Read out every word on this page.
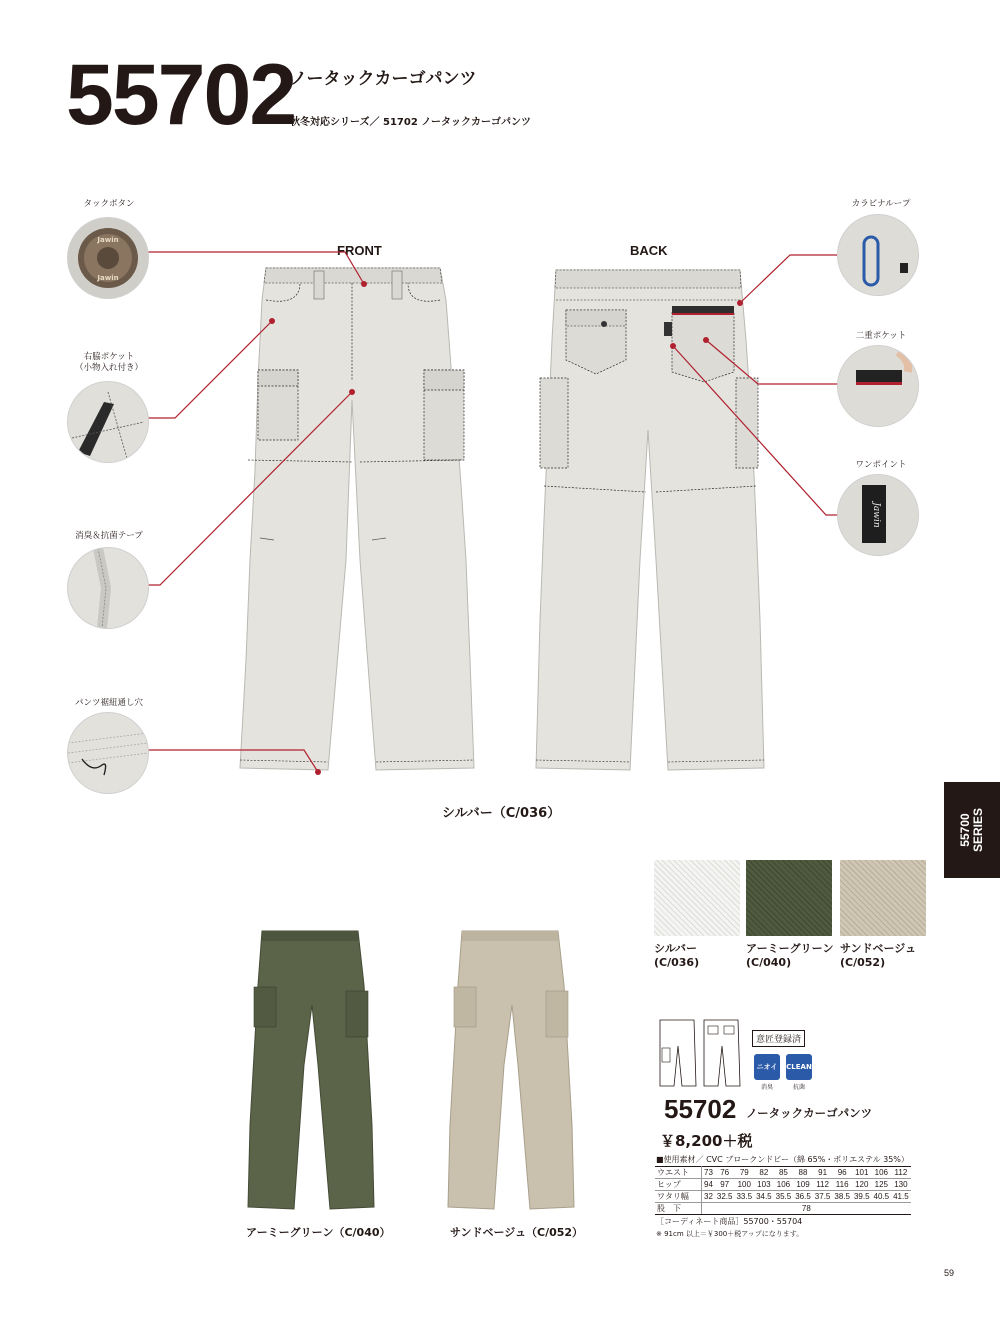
55702
ノータックカーゴパンツ
秋冬対応シリーズ／ 51702 ノータックカーゴパンツ
FRONT	BACK
タックボタン
Jawin
Jawin
右脇ポケット
（小物入れ付き）
消臭＆抗菌テープ
パンツ裾紐通し穴
カラビナループ
二重ポケット
ワンポイント
Jawin
シルバー（C/036）	55700
SERIES
シルバー
(C/036)
アーミーグリーン
(C/040)
サンドベージュ
(C/052)
アーミーグリーン（C/040）	サンドベージュ（C/052）
意匠登録済
ニオイ	CLEAN
消臭	抗菌
55702 ノータックカーゴパンツ
￥8,200＋税
■使用素材／ CVC ブロークンドビー（綿 65%・ポリエステル 35%）
ウエスト	73	76	79	82	85	88	91	96	101	106	112
ヒップ	94	97	100	103	106	109	112	116	120	125	130
ワタリ幅	32	32.5	33.5	34.5	35.5	36.5	37.5	38.5	39.5	40.5	41.5
股　下	78										
［コーディネート商品］55700・55704
※ 91cm 以上＝￥300＋税アップになります。
59
